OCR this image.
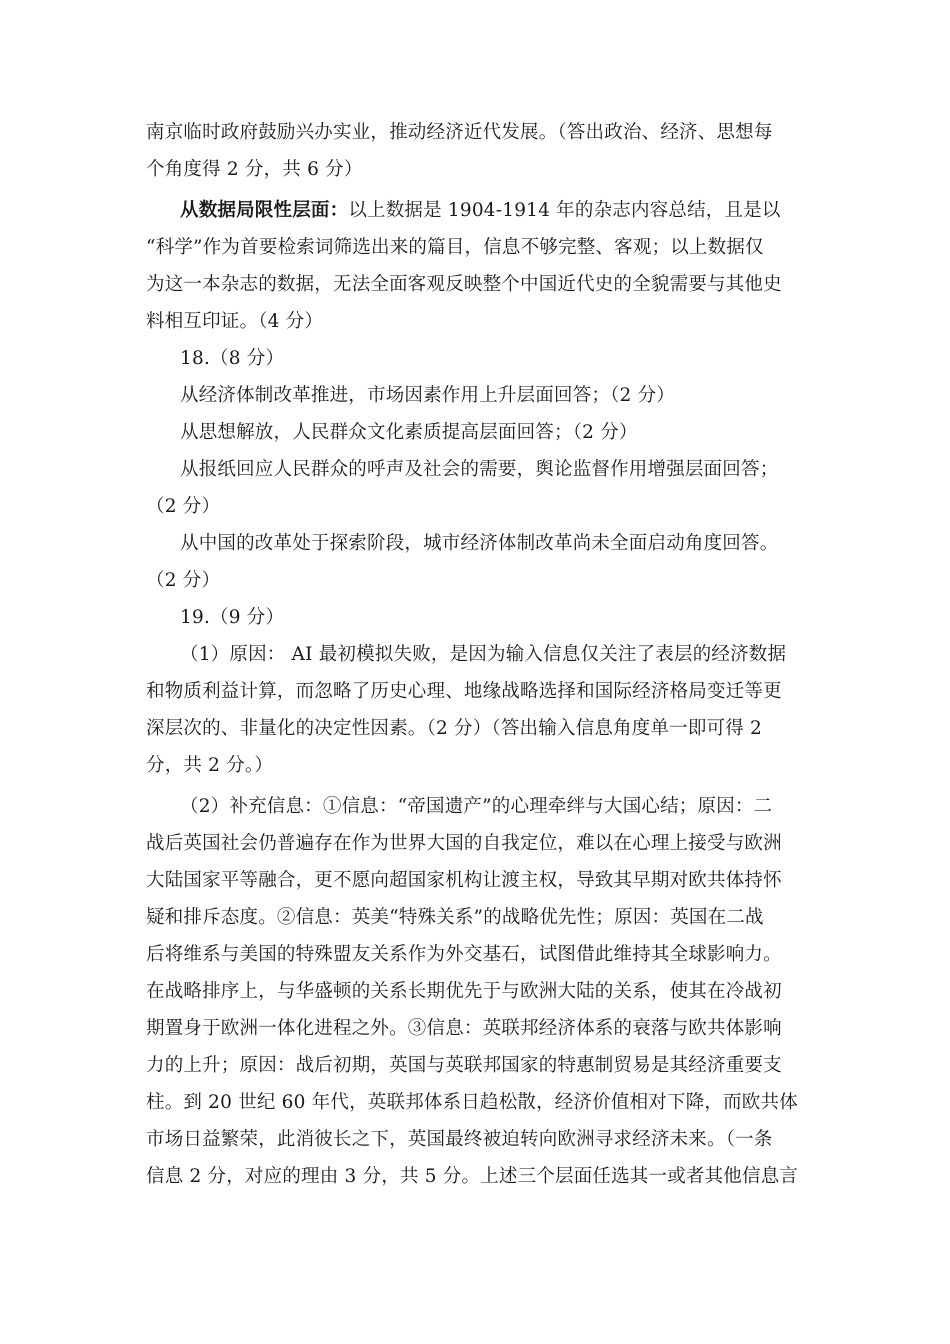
南京临时政府鼓励兴办实业，推动经济近代发展。（答出政治、经济、思想每
个角度得 2 分，共 6 分）
从数据局限性层面：以上数据是 1904-1914 年的杂志内容总结，且是以
“科学”作为首要检索词筛选出来的篇目，信息不够完整、客观；以上数据仅
为这一本杂志的数据，无法全面客观反映整个中国近代史的全貌需要与其他史
料相互印证。（4 分）
18.（8 分）
从经济体制改革推进，市场因素作用上升层面回答；（2 分）
从思想解放，人民群众文化素质提高层面回答；（2 分）
从报纸回应人民群众的呼声及社会的需要，舆论监督作用增强层面回答；
（2 分）
从中国的改革处于探索阶段，城市经济体制改革尚未全面启动角度回答。
（2 分）
19.（9 分）
（1）原因： AI 最初模拟失败，是因为输入信息仅关注了表层的经济数据
和物质利益计算，而忽略了历史心理、地缘战略选择和国际经济格局变迁等更
深层次的、非量化的决定性因素。（2 分）（答出输入信息角度单一即可得 2
分，共 2 分。）
（2）补充信息：①信息：“帝国遗产”的心理牵绊与大国心结；原因：二
战后英国社会仍普遍存在作为世界大国的自我定位，难以在心理上接受与欧洲
大陆国家平等融合，更不愿向超国家机构让渡主权，导致其早期对欧共体持怀
疑和排斥态度。②信息：英美“特殊关系”的战略优先性；原因：英国在二战
后将维系与美国的特殊盟友关系作为外交基石，试图借此维持其全球影响力。
在战略排序上，与华盛顿的关系长期优先于与欧洲大陆的关系，使其在冷战初
期置身于欧洲一体化进程之外。③信息：英联邦经济体系的衰落与欧共体影响
力的上升；原因：战后初期，英国与英联邦国家的特惠制贸易是其经济重要支
柱。到 20 世纪 60 年代，英联邦体系日趋松散，经济价值相对下降，而欧共体
市场日益繁荣，此消彼长之下，英国最终被迫转向欧洲寻求经济未来。（一条
信息 2 分，对应的理由 3 分，共 5 分。上述三个层面任选其一或者其他信息言
